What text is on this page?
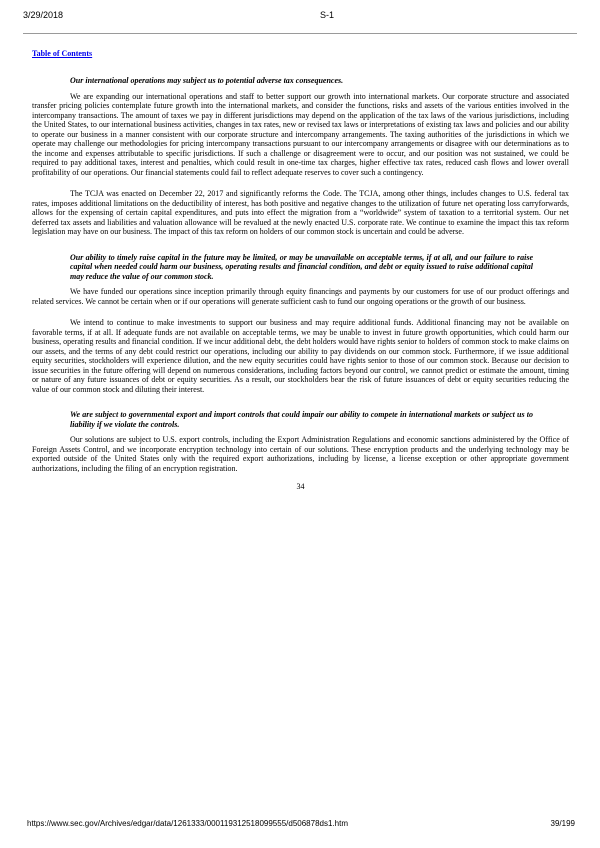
3/29/2018	S-1
Table of Contents

Our international operations may subject us to potential adverse tax consequences.

We are expanding our international operations and staff to better support our growth into international markets. Our corporate structure and associated transfer pricing policies contemplate future growth into the international markets, and consider the functions, risks and assets of the various entities involved in the intercompany transactions. The amount of taxes we pay in different jurisdictions may depend on the application of the tax laws of the various jurisdictions, including the United States, to our international business activities, changes in tax rates, new or revised tax laws or interpretations of existing tax laws and policies and our ability to operate our business in a manner consistent with our corporate structure and intercompany arrangements. The taxing authorities of the jurisdictions in which we operate may challenge our methodologies for pricing intercompany transactions pursuant to our intercompany arrangements or disagree with our determinations as to the income and expenses attributable to specific jurisdictions. If such a challenge or disagreement were to occur, and our position was not sustained, we could be required to pay additional taxes, interest and penalties, which could result in one-time tax charges, higher effective tax rates, reduced cash flows and lower overall profitability of our operations. Our financial statements could fail to reflect adequate reserves to cover such a contingency.

The TCJA was enacted on December 22, 2017 and significantly reforms the Code. The TCJA, among other things, includes changes to U.S. federal tax rates, imposes additional limitations on the deductibility of interest, has both positive and negative changes to the utilization of future net operating loss carryforwards, allows for the expensing of certain capital expenditures, and puts into effect the migration from a “worldwide” system of taxation to a territorial system. Our net deferred tax assets and liabilities and valuation allowance will be revalued at the newly enacted U.S. corporate rate. We continue to examine the impact this tax reform legislation may have on our business. The impact of this tax reform on holders of our common stock is uncertain and could be adverse.

Our ability to timely raise capital in the future may be limited, or may be unavailable on acceptable terms, if at all, and our failure to raise capital when needed could harm our business, operating results and financial condition, and debt or equity issued to raise additional capital may reduce the value of our common stock.

We have funded our operations since inception primarily through equity financings and payments by our customers for use of our product offerings and related services. We cannot be certain when or if our operations will generate sufficient cash to fund our ongoing operations or the growth of our business.

We intend to continue to make investments to support our business and may require additional funds. Additional financing may not be available on favorable terms, if at all. If adequate funds are not available on acceptable terms, we may be unable to invest in future growth opportunities, which could harm our business, operating results and financial condition. If we incur additional debt, the debt holders would have rights senior to holders of common stock to make claims on our assets, and the terms of any debt could restrict our operations, including our ability to pay dividends on our common stock. Furthermore, if we issue additional equity securities, stockholders will experience dilution, and the new equity securities could have rights senior to those of our common stock. Because our decision to issue securities in the future offering will depend on numerous considerations, including factors beyond our control, we cannot predict or estimate the amount, timing or nature of any future issuances of debt or equity securities. As a result, our stockholders bear the risk of future issuances of debt or equity securities reducing the value of our common stock and diluting their interest.

We are subject to governmental export and import controls that could impair our ability to compete in international markets or subject us to liability if we violate the controls.

Our solutions are subject to U.S. export controls, including the Export Administration Regulations and economic sanctions administered by the Office of Foreign Assets Control, and we incorporate encryption technology into certain of our solutions. These encryption products and the underlying technology may be exported outside of the United States only with the required export authorizations, including by license, a license exception or other appropriate government authorizations, including the filing of an encryption registration.

34
https://www.sec.gov/Archives/edgar/data/1261333/000119312518099555/d506878ds1.htm	39/199
